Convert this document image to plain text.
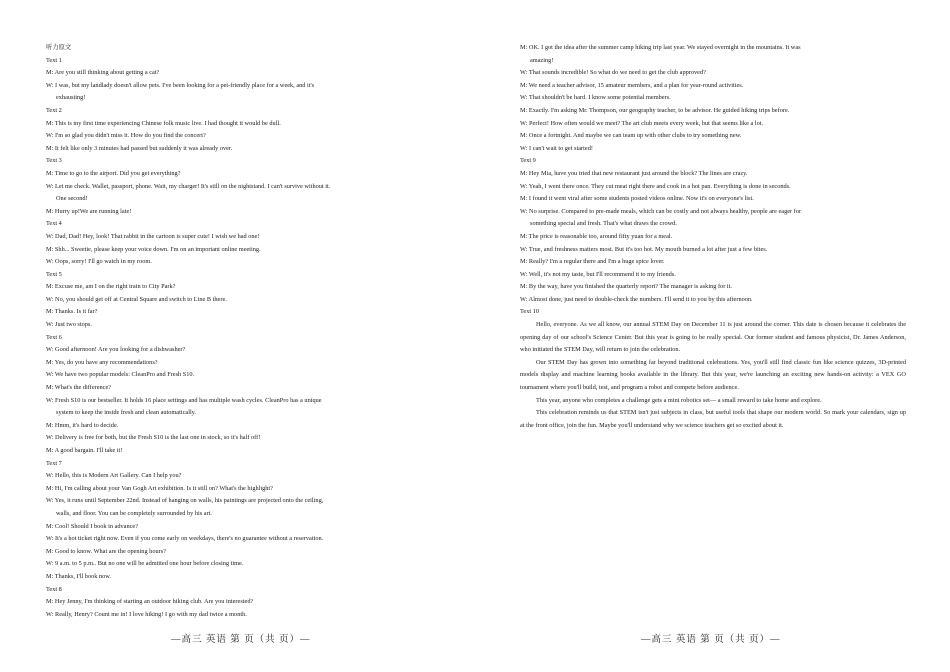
听力原文
Text 1
M: Are you still thinking about getting a cat?
W: I was, but my landlady doesn't allow pets. I've been looking for a pet-friendly place for a week, and it's
exhausting!
Text 2
M: This is my first time experiencing Chinese folk music live. I had thought it would be dull.
W: I'm so glad you didn't miss it. How do you find the concert?
M: It felt like only 3 minutes had passed but suddenly it was already over.
Text 3
M: Time to go to the airport. Did you get everything?
W: Let me check. Wallet, passport, phone. Wait, my charger! It's still on the nightstand. I can't survive without it.
One second!
M: Hurry up!We are running late!
Text 4
W: Dad, Dad! Hey, look! That rabbit in the cartoon is super cute! I wish we had one!
M: Shh... Sweetie, please keep your voice down. I'm on an important online meeting.
W: Oops, sorry! I'll go watch in my room.
Text 5
M: Excuse me, am I on the right train to City Park?
W: No, you should get off at Central Square and switch to Line B there.
M: Thanks. Is it far?
W: Just two stops.
Text 6
W: Good afternoon! Are you looking for a dishwasher?
M: Yes, do you have any recommendations?
W: We have two popular models: CleanPro and Fresh S10.
M: What's the difference?
W: Fresh S10 is our bestseller. It holds 16 place settings and has multiple wash cycles. CleanPro has a unique
system to keep the inside fresh and clean automatically.
M: Hmm, it's hard to decide.
W: Delivery is free for both, but the Fresh S10 is the last one in stock, so it's half off!
M: A good bargain. I'll take it!
Text 7
W: Hello, this is Modern Art Gallery. Can I help you?
M: Hi, I'm calling about your Van Gogh Art exhibition. Is it still on? What's the highlight?
W: Yes, it runs until September 22nd. Instead of hanging on walls, his paintings are projected onto the ceiling,
walls, and floor. You can be completely surrounded by his art.
M: Cool! Should I book in advance?
W: It's a hot ticket right now. Even if you come early on weekdays, there's no guarantee without a reservation.
M: Good to know. What are the opening hours?
W: 9 a.m. to 5 p.m.. But no one will be admitted one hour before closing time.
M: Thanks, I'll book now.
Text 8
M: Hey Jenny, I'm thinking of starting an outdoor hiking club. Are you interested?
W: Really, Henry? Count me in! I love hiking! I go with my dad twice a month.
M: OK. I got the idea after the summer camp hiking trip last year. We stayed overnight in the mountains. It was
amazing!
W: That sounds incredible! So what do we need to get the club approved?
M: We need a teacher advisor, 15 amateur members, and a plan for year-round activities.
W: That shouldn't be hard. I know some potential members.
M: Exactly. I'm asking Mr. Thompson, our geography teacher, to be advisor. He guided hiking trips before.
W: Perfect! How often would we meet? The art club meets every week, but that seems like a lot.
M: Once a fortnight. And maybe we can team up with other clubs to try something new.
W: I can't wait to get started!
Text 9
M: Hey Mia, have you tried that new restaurant just around the block? The lines are crazy.
W: Yeah, I went there once. They cut meat right there and cook in a hot pan. Everything is done in seconds.
M: I found it went viral after some students posted videos online. Now it's on everyone's list.
W: No surprise. Compared to pre-made meals, which can be costly and not always healthy, people are eager for
something special and fresh. That's what draws the crowd.
M: The price is reasonable too, around fifty yuan for a meal.
W: True, and freshness matters most. But it's too hot. My mouth burned a lot after just a few bites.
M: Really? I'm a regular there and I'm a huge spice lover.
W: Well, it's not my taste, but I'll recommend it to my friends.
M: By the way, have you finished the quarterly report? The manager is asking for it.
W: Almost done, just need to double-check the numbers. I'll send it to you by this afternoon.
Text 10
Hello, everyone. As we all know, our annual STEM Day on December 11 is just around the corner. This date is chosen because it celebrates the opening day of our school's Science Center. But this year is going to be really special. Our former student and famous physicist, Dr. James Anderson, who initiated the STEM Day, will return to join the celebration.
Our STEM Day has grown into something far beyond traditional celebrations. Yes, you'll still find classic fun like science quizzes, 3D-printed models display and machine learning books available in the library. But this year, we're launching an exciting new hands-on activity: a VEX GO tournament where you'll build, test, and program a robot and compete before audience.
This year, anyone who completes a challenge gets a mini robotics set— a small reward to take home and explore.
This celebration reminds us that STEM isn't just subjects in class, but useful tools that shape our modern world. So mark your calendars, sign up at the front office, join the fun. Maybe you'll understand why we science teachers get so excited about it.
—高三 英语 第 页（共 页）—	—高三 英语 第 页（共 页）—
